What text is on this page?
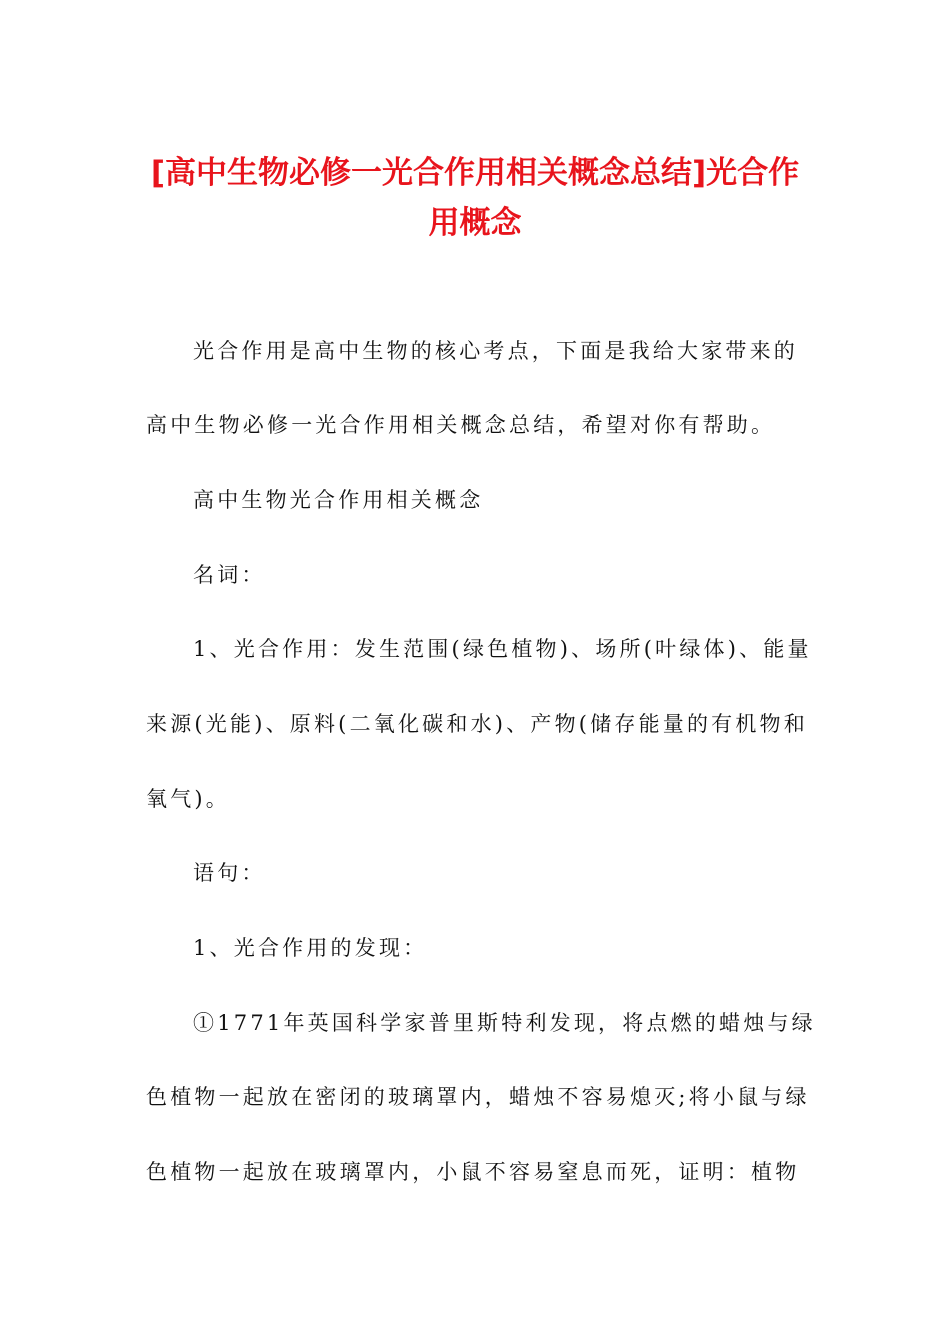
[高中生物必修一光合作用相关概念总结]光合作用概念
光合作用是高中生物的核心考点，下面是我给大家带来的
高中生物必修一光合作用相关概念总结，希望对你有帮助。
高中生物光合作用相关概念
名词：
1、光合作用：发生范围(绿色植物)、场所(叶绿体)、能量
来源(光能)、原料(二氧化碳和水)、产物(储存能量的有机物和
氧气)。
语句：
1、光合作用的发现：
①1771年英国科学家普里斯特利发现，将点燃的蜡烛与绿
色植物一起放在密闭的玻璃罩内，蜡烛不容易熄灭;将小鼠与绿
色植物一起放在玻璃罩内，小鼠不容易窒息而死，证明：植物
